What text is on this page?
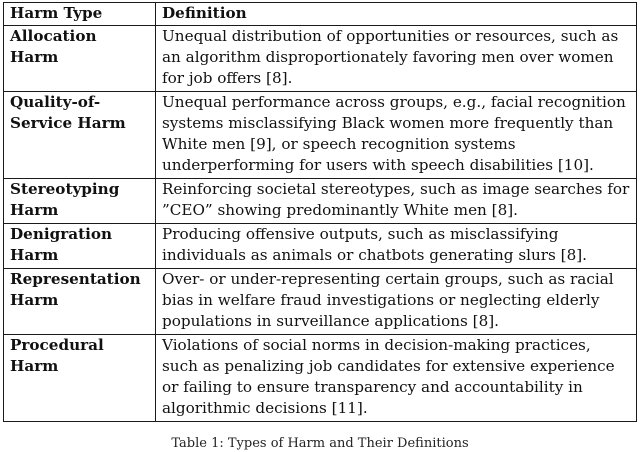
Harm Type	Definition
Allocation Harm	Unequal distribution of opportunities or resources, such as an algorithm disproportionately favoring men over women for job offers [8].
Quality-of-Service Harm	Unequal performance across groups, e.g., facial recognition systems misclassifying Black women more frequently than White men [9], or speech recognition systems underperforming for users with speech disabilities [10].
Stereotyping Harm	Reinforcing societal stereotypes, such as image searches for ”CEO” showing predominantly White men [8].
Denigration Harm	Producing offensive outputs, such as misclassifying individuals as animals or chatbots generating slurs [8].
Representation Harm	Over- or under-representing certain groups, such as racial bias in welfare fraud investigations or neglecting elderly populations in surveillance applications [8].
Procedural Harm	Violations of social norms in decision-making practices, such as penalizing job candidates for extensive experience or failing to ensure transparency and accountability in algorithmic decisions [11].
Table 1: Types of Harm and Their Definitions
